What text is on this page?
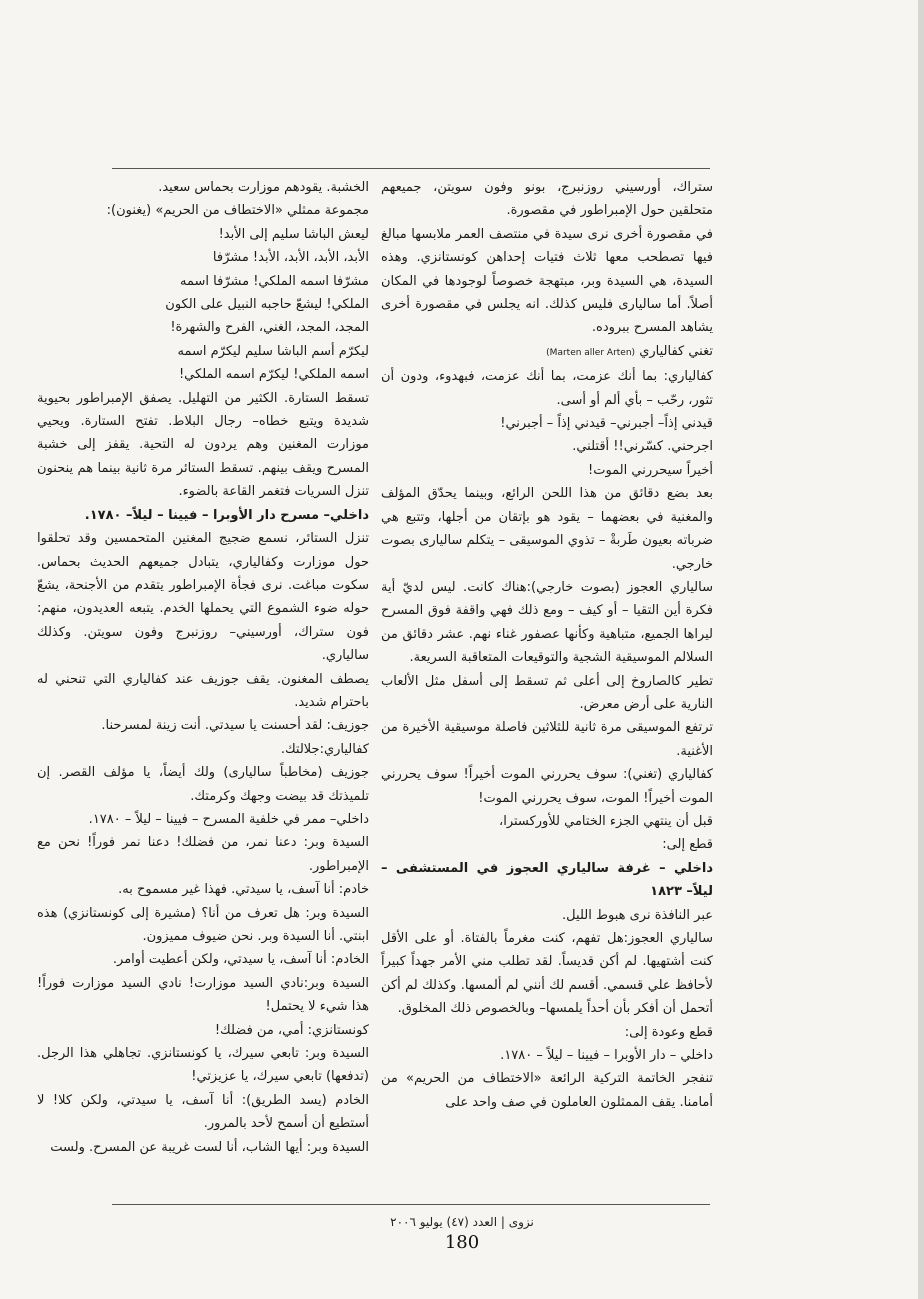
ستراك، أورسيني روزنبرج، بونو وفون سويتن، جميعهم متحلقين حول الإمبراطور في مقصورة.

في مقصورة أخرى نرى سيدة في منتصف العمر ملابسها مبالغ فيها تصطحب معها ثلاث فتيات إحداهن كونستانزي. وهذه السيدة، هي السيدة وبر، مبتهجة خصوصاً لوجودها في المكان أصلاً. أما ساليارى فليس كذلك. انه يجلس في مقصورة أخرى يشاهد المسرح ببروده.

تغني كفالياري (Marten aller Arten)

كفالياري: بما أنك عزمت، بما أنك عزمت، فبهدوء، ودون أن تثور، رحّب – بأي ألم أو أسى.

قيدني إذاً– أجبرني– قيدني إذاً – أجبرني!

اجرحني. كسّرني!! أقتلني.

أخيراً سيحررني الموت!

بعد بضع دقائق من هذا اللحن الرائع، وبينما يحدّق المؤلف والمغنية في بعضهما – يقود هو بإتقان من أجلها، وتتبع هي ضرباته بعيون طَربةْ – تذوي الموسيقى – يتكلم ساليارى بصوت خارجي.

سالياري العجوز (بصوت خارجي):هناك كانت. ليس لديّ أية فكرة أين التقيا – أو كيف – ومع ذلك فهي واقفة فوق المسرح ليراها الجميع، متباهية وكأنها عصفور غناء نهم. عشر دقائق من السلالم الموسيقية الشجية والتوقيعات المتعاقبة السريعة.

تطير كالصاروخ إلى أعلى ثم تسقط إلى أسفل مثل الألعاب النارية على أرض معرض.

ترتفع الموسيقى مرة ثانية للثلاثين فاصلة موسيقية الأخيرة من الأغنية.

كفالياري (تغني): سوف يحررني الموت أخيراً! سوف يحررني الموت أخيراً! الموت، سوف يحررني الموت!

قبل أن ينتهي الجزء الختامي للأوركسترا،

قطع إلى:

داخلي – غرفة سالياري العجوز في المستشفى – ليلاً– ١٨٢٣

عبر النافذة نرى هبوط الليل.

سالياري العجوز:هل تفهم، كنت مغرماً بالفتاة. أو على الأقل كنت أشتهيها. لم أكن قديساً. لقد تطلب مني الأمر جهداً كبيراً لأحافظ علي قسمي. أقسم لك أنني لم ألمسها. وكذلك لم أكن أتحمل أن أفكر بأن أحداً يلمسها– وبالخصوص ذلك المخلوق.

قطع وعودة إلى:

داخلي – دار الأوبرا – فيينا – ليلاً – ١٧٨٠.

تنفجر الخاتمة التركية الرائعة «الاختطاف من الحريم» من أمامنا. يقف الممثلون العاملون في صف واحد على

الخشبة. يقودهم موزارت بحماس سعيد.

مجموعة ممثلي «الاختطاف من الحريم» (يغنون):

ليعش الباشا سليم إلى الأبد!

الأبد، الأبد، الأبد، الأبد! مشرّفا

مشرّفا اسمه الملكي! مشرّفا اسمه

الملكي! ليشعّ حاجبه النبيل على الكون

المجد، المجد، الغني، الفرح والشهرة!

ليكرّم أسم الباشا سليم ليكرّم اسمه

اسمه الملكي! ليكرّم اسمه الملكي!

تسقط الستارة. الكثير من التهليل. يصفق الإمبراطور بحيوية شديدة ويتبع خطاه– رجال البلاط. تفتح الستارة. ويحيي موزارت المغنين وهم يردون له التحية. يقفز إلى خشبة المسرح ويقف بينهم. تسقط الستائر مرة ثانية بينما هم ينحنون تنزل السريات فتغمر القاعة بالضوء.

داخلي– مسرح دار الأوبرا – فيينا – ليلاً– ١٧٨٠.

تنزل الستائر، نسمع ضجيج المغنين المتحمسين وقد تحلقوا حول موزارت وكفالياري، يتبادل جميعهم الحديث بحماس. سكوت مباغت. نرى فجأة الإمبراطور يتقدم من الأجنحة، يشعّ حوله ضوء الشموع التي يحملها الخدم. يتبعه العديدون، منهم: فون ستراك، أورسيني– روزنبرج وفون سويتن. وكذلك سالياري.

يصطف المغنون. يقف جوزيف عند كفالياري التي تنحني له باحترام شديد.

جوزيف: لقد أحسنت يا سيدتي. أنت زينة لمسرحنا.

كفالياري:جلالتك.

جوزيف (مخاطباً ساليارى) ولك أيضاً، يا مؤلف القصر. إن تلميذتك قد بيضت وجهك وكرمتك.

داخلي– ممر في خلفية المسرح – فيينا – ليلاً – ١٧٨٠.

السيدة وبر: دعنا نمر، من فضلك! دعنا نمر فوراً! نحن مع الإمبراطور.

خادم: أنا آسف، يا سيدتي. فهذا غير مسموح به.

السيدة وبر: هل تعرف من أنا؟ (مشيرة إلى كونستانزي) هذه ابنتي. أنا السيدة وبر. نحن ضيوف مميزون.

الخادم: أنا آسف، يا سيدتي، ولكن أعطيت أوامر.

السيدة وبر:نادي السيد موزارت! نادي السيد موزارت فوراً! هذا شيء لا يحتمل!

كونستانزي: أمي، من فضلك!

السيدة وبر: تابعي سيرك، يا كونستانزي. تجاهلي هذا الرجل. (تدفعها) تابعي سيرك، يا عزيزتي!

الخادم (يسد الطريق): أنا آسف، يا سيدتي، ولكن كلا! لا أستطيع أن أسمح لأحد بالمرور.

السيدة وبر: أيها الشاب، أنا لست غريبة عن المسرح. ولست

نزوى | العدد (٤٧) يوليو ٢٠٠٦
180
